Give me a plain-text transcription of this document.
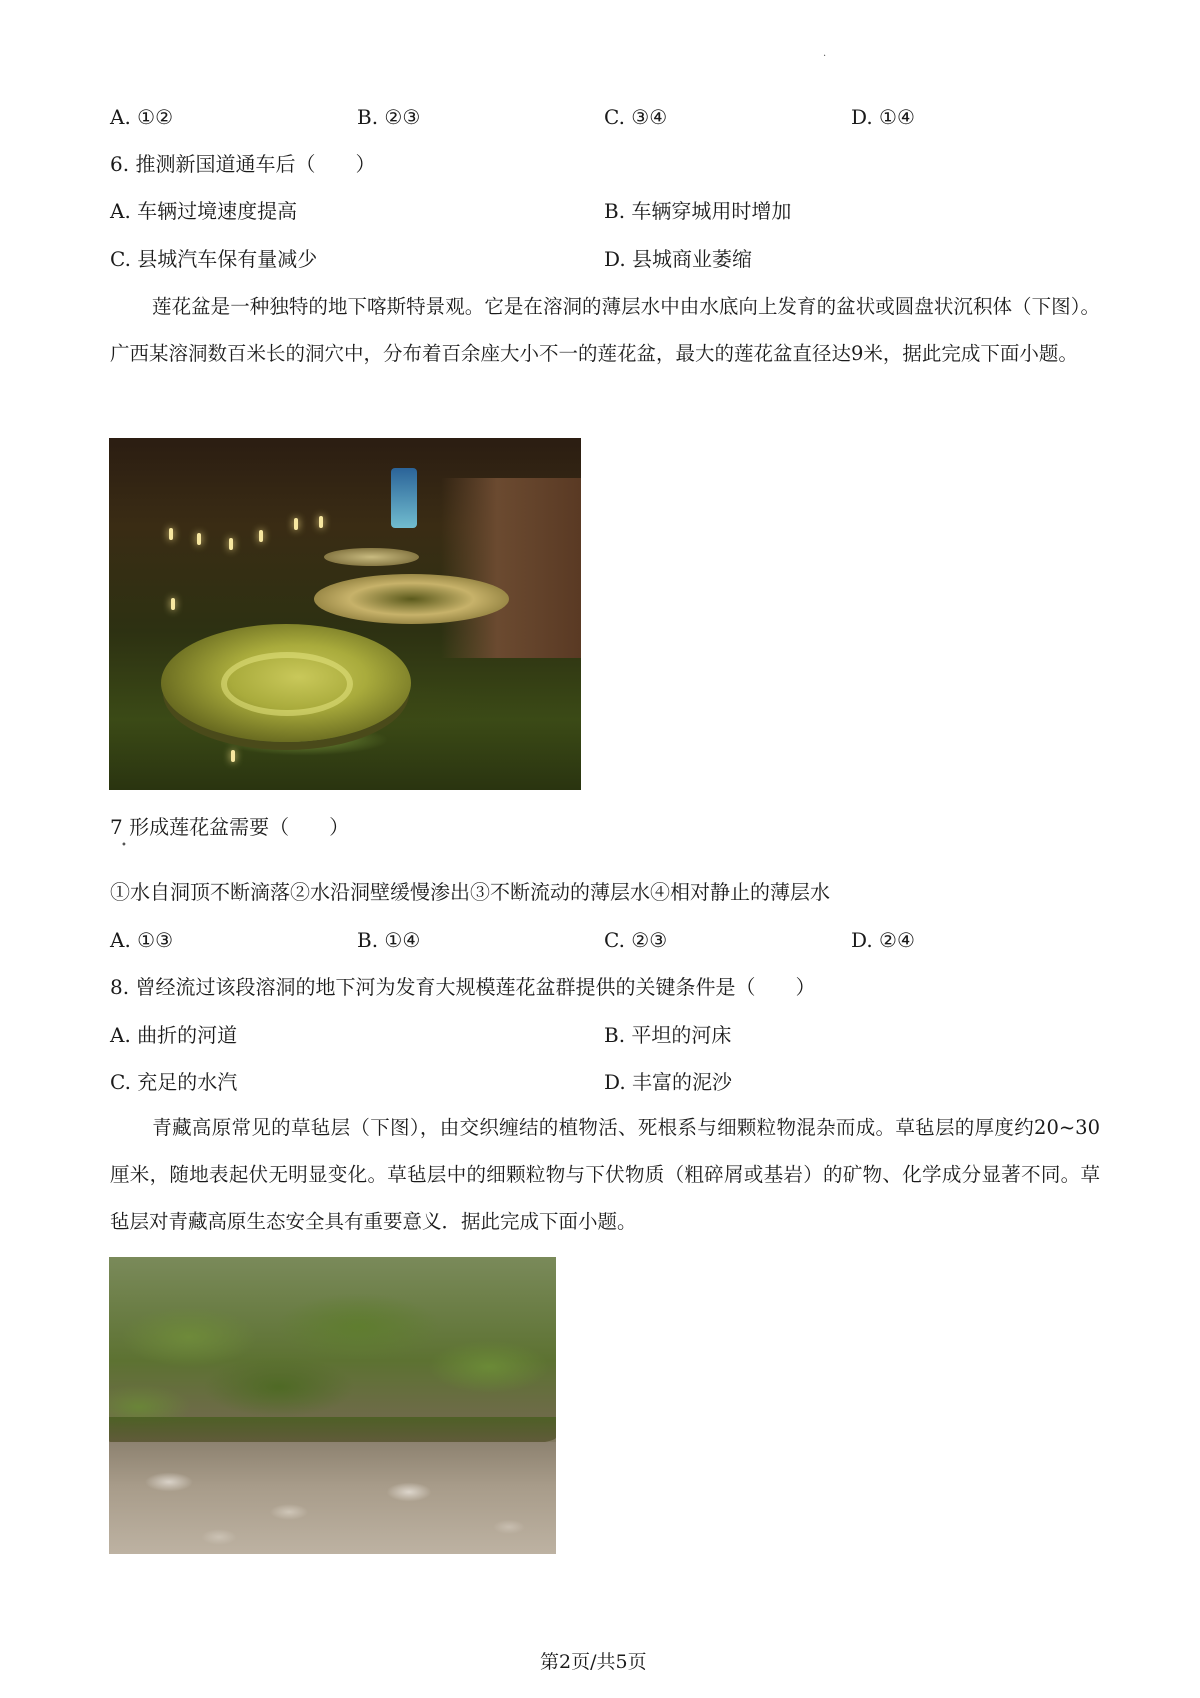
.
A. ①②	B. ②③	C. ③④	D. ①④
6. 推测新国道通车后（　　）
A. 车辆过境速度提高	B. 车辆穿城用时增加
C. 县城汽车保有量减少	D. 县城商业萎缩
莲花盆是一种独特的地下喀斯特景观。它是在溶洞的薄层水中由水底向上发育的盆状或圆盘状沉积体（下图）。广西某溶洞数百米长的洞穴中，分布着百余座大小不一的莲花盆，最大的莲花盆直径达9米，据此完成下面小题。
7 形成莲花盆需要（　　）
•
①水自洞顶不断滴落②水沿洞壁缓慢渗出③不断流动的薄层水④相对静止的薄层水
A. ①③	B. ①④	C. ②③	D. ②④
8. 曾经流过该段溶洞的地下河为发育大规模莲花盆群提供的关键条件是（　　）
A. 曲折的河道	B. 平坦的河床
C. 充足的水汽	D. 丰富的泥沙
青藏高原常见的草毡层（下图），由交织缠结的植物活、死根系与细颗粒物混杂而成。草毡层的厚度约20~30厘米，随地表起伏无明显变化。草毡层中的细颗粒物与下伏物质（粗碎屑或基岩）的矿物、化学成分显著不同。草毡层对青藏高原生态安全具有重要意义．据此完成下面小题。
第2页/共5页
